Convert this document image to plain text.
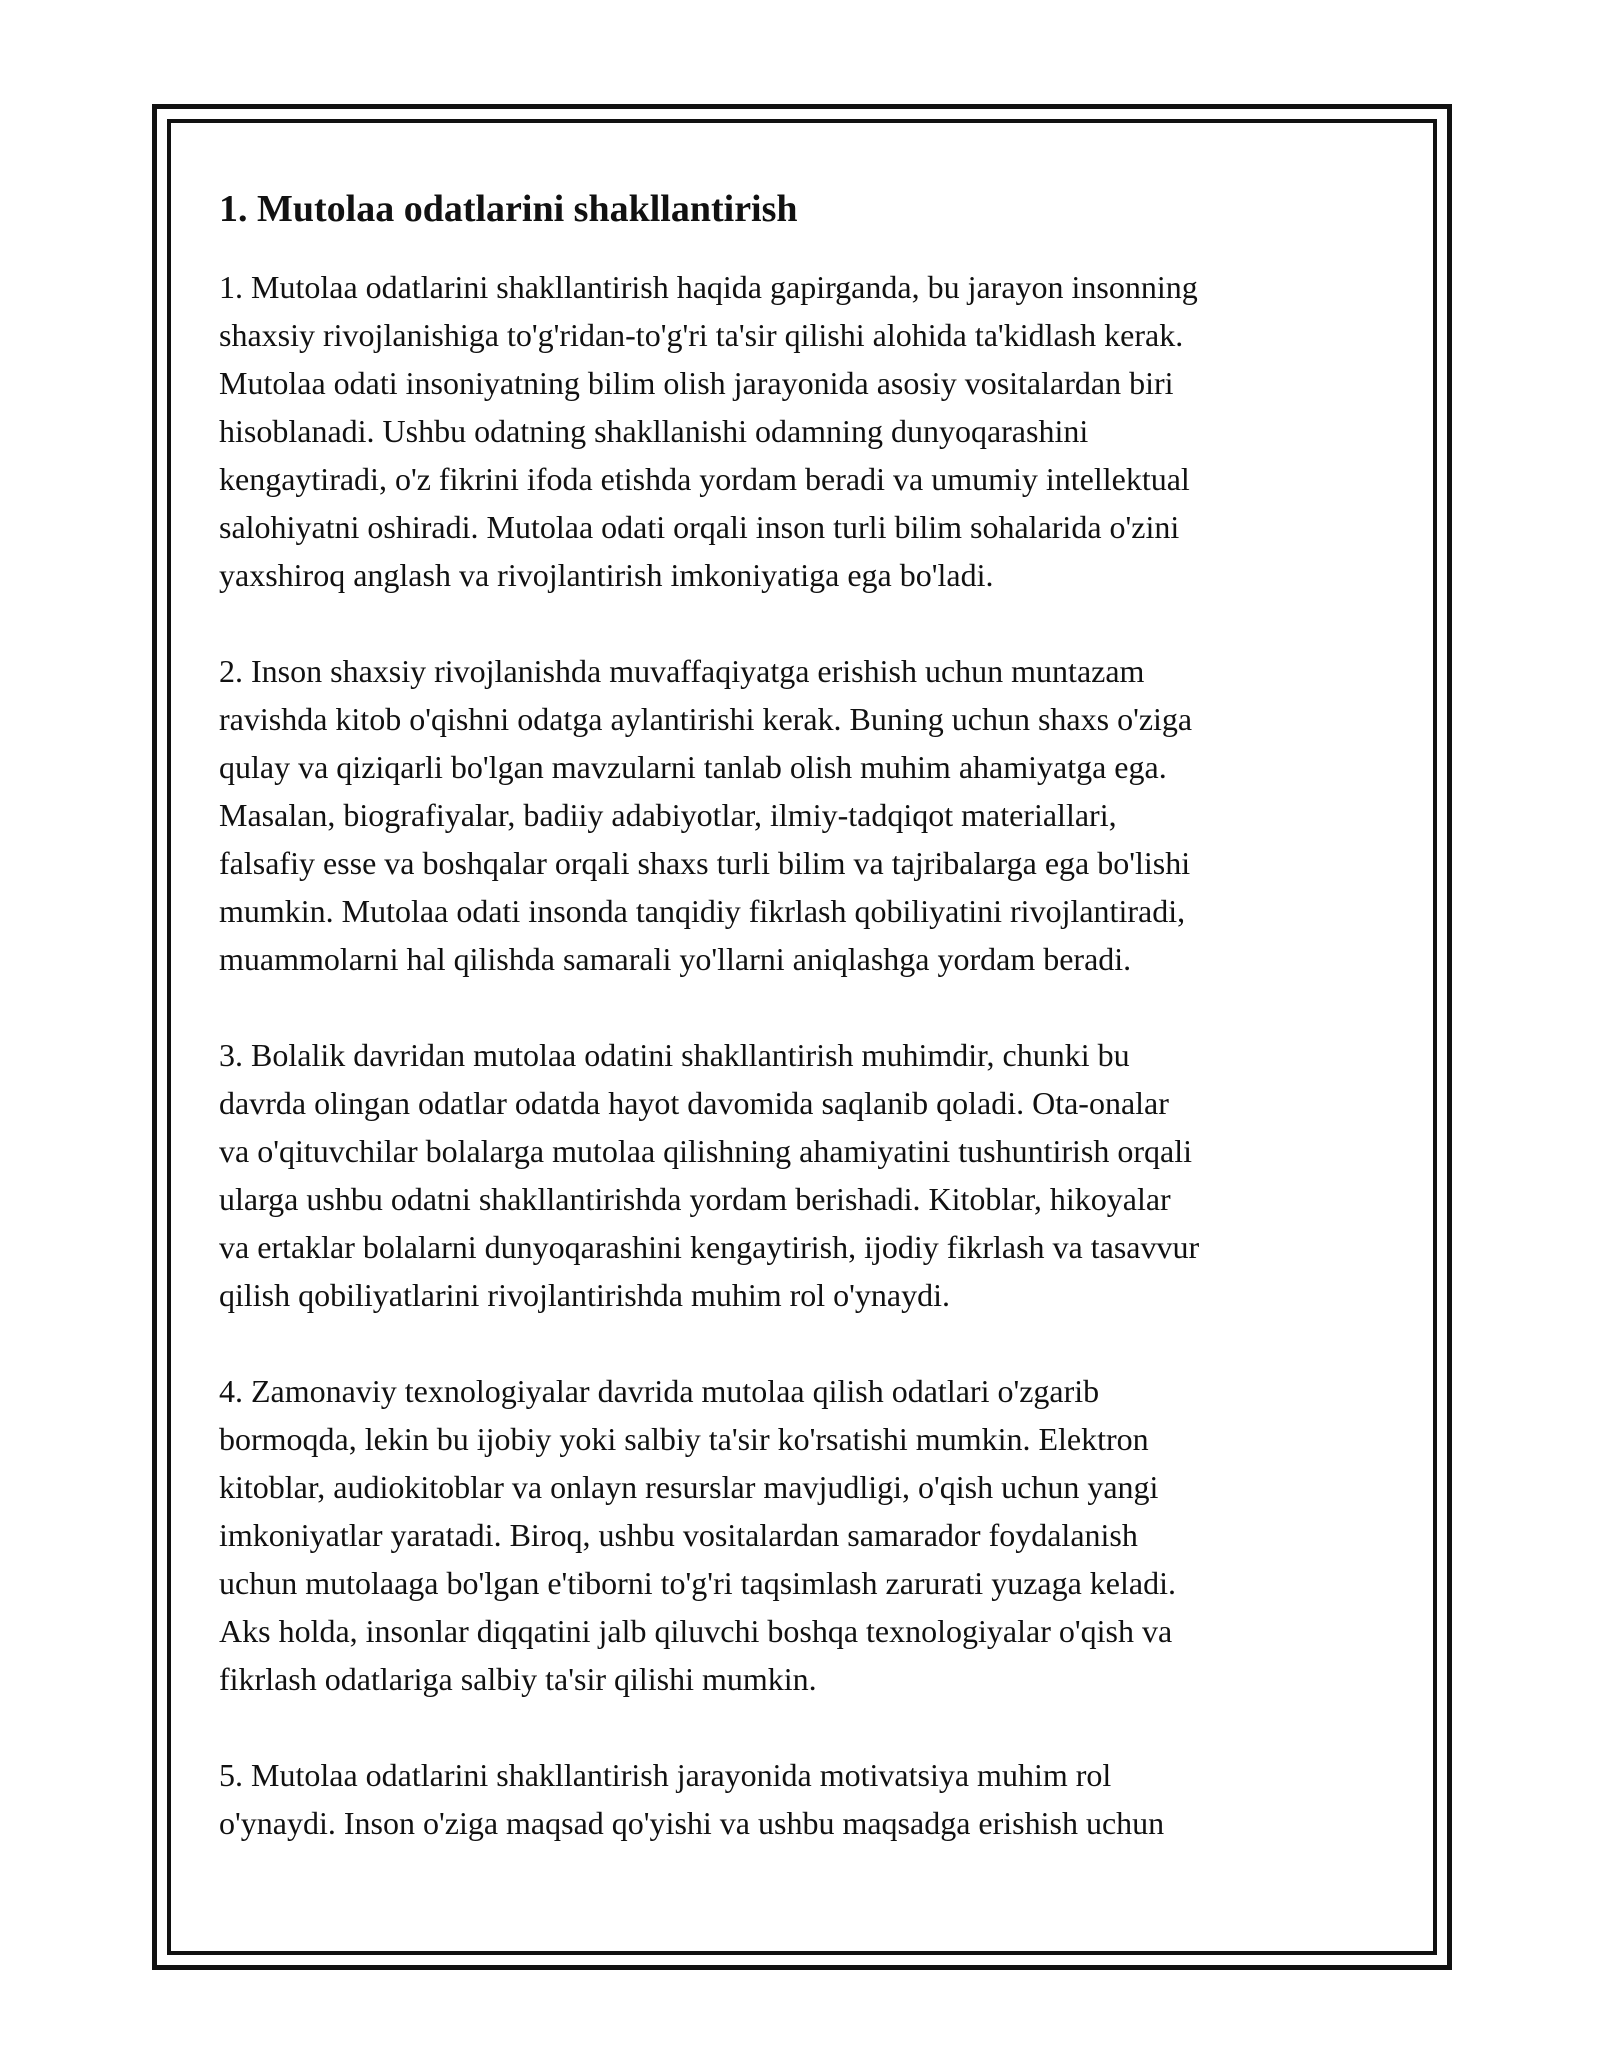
1. Mutolaa odatlarini shakllantirish
1. Mutolaa odatlarini shakllantirish haqida gapirganda, bu jarayon insonning
shaxsiy rivojlanishiga to'g'ridan-to'g'ri ta'sir qilishi alohida ta'kidlash kerak.
Mutolaa odati insoniyatning bilim olish jarayonida asosiy vositalardan biri
hisoblanadi. Ushbu odatning shakllanishi odamning dunyoqarashini
kengaytiradi, o'z fikrini ifoda etishda yordam beradi va umumiy intellektual
salohiyatni oshiradi. Mutolaa odati orqali inson turli bilim sohalarida o'zini
yaxshiroq anglash va rivojlantirish imkoniyatiga ega bo'ladi.
2. Inson shaxsiy rivojlanishda muvaffaqiyatga erishish uchun muntazam
ravishda kitob o'qishni odatga aylantirishi kerak. Buning uchun shaxs o'ziga
qulay va qiziqarli bo'lgan mavzularni tanlab olish muhim ahamiyatga ega.
Masalan, biografiyalar, badiiy adabiyotlar, ilmiy-tadqiqot materiallari,
falsafiy esse va boshqalar orqali shaxs turli bilim va tajribalarga ega bo'lishi
mumkin. Mutolaa odati insonda tanqidiy fikrlash qobiliyatini rivojlantiradi,
muammolarni hal qilishda samarali yo'llarni aniqlashga yordam beradi.
3. Bolalik davridan mutolaa odatini shakllantirish muhimdir, chunki bu
davrda olingan odatlar odatda hayot davomida saqlanib qoladi. Ota-onalar
va o'qituvchilar bolalarga mutolaa qilishning ahamiyatini tushuntirish orqali
ularga ushbu odatni shakllantirishda yordam berishadi. Kitoblar, hikoyalar
va ertaklar bolalarni dunyoqarashini kengaytirish, ijodiy fikrlash va tasavvur
qilish qobiliyatlarini rivojlantirishda muhim rol o'ynaydi.
4. Zamonaviy texnologiyalar davrida mutolaa qilish odatlari o'zgarib
bormoqda, lekin bu ijobiy yoki salbiy ta'sir ko'rsatishi mumkin. Elektron
kitoblar, audiokitoblar va onlayn resurslar mavjudligi, o'qish uchun yangi
imkoniyatlar yaratadi. Biroq, ushbu vositalardan samarador foydalanish
uchun mutolaaga bo'lgan e'tiborni to'g'ri taqsimlash zarurati yuzaga keladi.
Aks holda, insonlar diqqatini jalb qiluvchi boshqa texnologiyalar o'qish va
fikrlash odatlariga salbiy ta'sir qilishi mumkin.
5. Mutolaa odatlarini shakllantirish jarayonida motivatsiya muhim rol
o'ynaydi. Inson o'ziga maqsad qo'yishi va ushbu maqsadga erishish uchun
